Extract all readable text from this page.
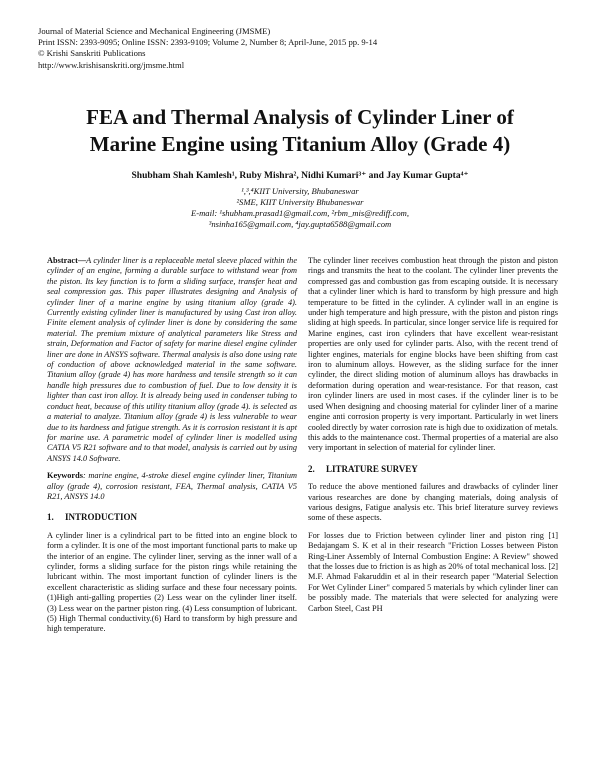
Journal of Material Science and Mechanical Engineering (JMSME)
Print ISSN: 2393-9095; Online ISSN: 2393-9109; Volume 2, Number 8; April-June, 2015 pp. 9-14
© Krishi Sanskriti Publications
http://www.krishisanskriti.org/jmsme.html
FEA and Thermal Analysis of Cylinder Liner of
Marine Engine using Titanium Alloy (Grade 4)
Shubham Shah Kamlesh¹, Ruby Mishra², Nidhi Kumari³⁺ and Jay Kumar Gupta⁴⁺
¹,³,⁴KIIT University, Bhubaneswar
²SME, KIIT University Bhubaneswar
E-mail: ¹shubham.prasad1@gmail.com, ²rbm_mis@rediff.com,
³nsinha165@gmail.com, ⁴jay.gupta6588@gmail.com

Abstract—A cylinder liner is a replaceable metal sleeve placed within the cylinder of an engine, forming a durable surface to withstand wear from the piston. Its key function is to form a sliding surface, transfer heat and seal compression gas. This paper illustrates designing and Analysis of cylinder liner of a marine engine by using titanium alloy (grade 4). Currently existing cylinder liner is manufactured by using Cast iron alloy. Finite element analysis of cylinder liner is done by considering the same material. The premium mixture of analytical parameters like Stress and strain, Deformation and Factor of safety for marine diesel engine cylinder liner are done in ANSYS software. Thermal analysis is also done using rate of conduction of above acknowledged material in the same software. Titanium alloy (grade 4) has more hardness and tensile strength so it can handle high pressures due to combustion of fuel. Due to low density it is lighter than cast iron alloy. It is already being used in condenser tubing to conduct heat, because of this utility titanium alloy (grade 4). is selected as a material to analyze. Titanium alloy (grade 4) is less vulnerable to wear due to its hardness and fatigue strength. As it is corrosion resistant it is apt for marine use. A parametric model of cylinder liner is modelled using CATIA V5 R21 software and to that model, analysis is carried out by using ANSYS 14.0 Software.

Keywords: marine engine, 4-stroke diesel engine cylinder liner, Titanium alloy (grade 4), corrosion resistant, FEA, Thermal analysis, CATIA V5 R21, ANSYS 14.0

1. INTRODUCTION

A cylinder liner is a cylindrical part to be fitted into an engine block to form a cylinder. It is one of the most important functional parts to make up the interior of an engine. The cylinder liner, serving as the inner wall of a cylinder, forms a sliding surface for the piston rings while retaining the lubricant within. The most important function of cylinder liners is the excellent characteristic as sliding surface and these four necessary points. (1)High anti-galling properties (2) Less wear on the cylinder liner itself. (3) Less wear on the partner piston ring. (4) Less consumption of lubricant. (5) High Thermal conductivity.(6) Hard to transform by high pressure and high temperature.

The cylinder liner receives combustion heat through the piston and piston rings and transmits the heat to the coolant. The cylinder liner prevents the compressed gas and combustion gas from escaping outside. It is necessary that a cylinder liner which is hard to transform by high pressure and high temperature to be fitted in the cylinder. A cylinder wall in an engine is under high temperature and high pressure, with the piston and piston rings sliding at high speeds. In particular, since longer service life is required for Marine engines, cast iron cylinders that have excellent wear-resistant properties are only used for cylinder parts. Also, with the recent trend of lighter engines, materials for engine blocks have been shifting from cast iron to aluminum alloys. However, as the sliding surface for the inner cylinder, the direct sliding motion of aluminum alloys has drawbacks in deformation during operation and wear-resistance. For that reason, cast iron cylinder liners are used in most cases. if the cylinder liner is to be used When designing and choosing material for cylinder liner of a marine engine anti corrosion property is very important. Particularly in wet liners cooled directly by water corrosion rate is high due to oxidization of metals. this adds to the maintenance cost. Thermal properties of a material are also very important in selection of material for cylinder liner.

2. LITRATURE SURVEY

To reduce the above mentioned failures and drawbacks of cylinder liner various researches are done by changing materials, doing analysis of various designs, Fatigue analysis etc. This brief literature survey reviews some of these aspects.

For losses due to Friction between cylinder liner and piston ring [1] Bedajangam S. K et al in their research "Friction Losses between Piston Ring-Liner Assembly of Internal Combustion Engine: A Review" showed that the losses due to friction is as high as 20% of total mechanical loss. [2] M.F. Ahmad Fakaruddin et al in their research paper "Material Selection For Wet Cylinder Liner" compared 5 materials by which cylinder liner can be possibly made. The materials that were selected for analyzing were Carbon Steel, Cast PH
